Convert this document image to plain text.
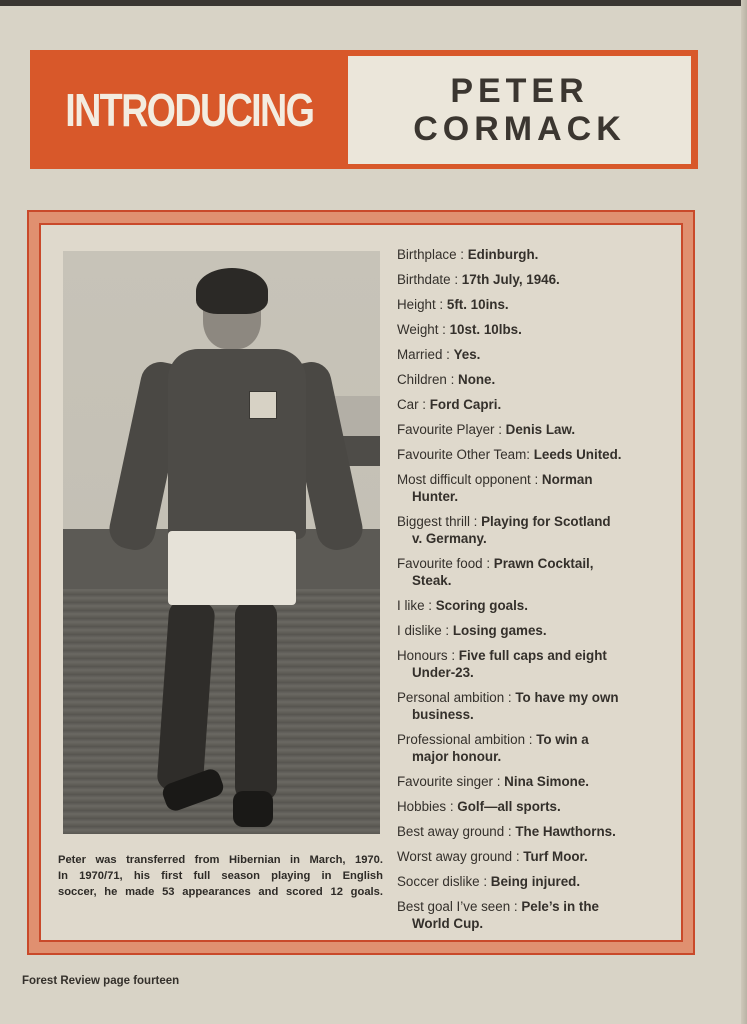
INTRODUCING	PETER
CORMACK
Peter was transferred from Hibernian in March, 1970.
In 1970/71, his first full season playing in English
soccer, he made 53 appearances and scored 12 goals.
Birthplace : Edinburgh.
Birthdate : 17th July, 1946.
Height : 5ft. 10ins.
Weight : 10st. 10lbs.
Married : Yes.
Children : None.
Car : Ford Capri.
Favourite Player : Denis Law.
Favourite Other Team: Leeds United.
Most difficult opponent : Norman
Hunter.
Biggest thrill : Playing for Scotland
v. Germany.
Favourite food : Prawn Cocktail,
Steak.
I like : Scoring goals.
I dislike : Losing games.
Honours : Five full caps and eight
Under-23.
Personal ambition : To have my own
business.
Professional ambition : To win a
major honour.
Favourite singer : Nina Simone.
Hobbies : Golf—all sports.
Best away ground : The Hawthorns.
Worst away ground : Turf Moor.
Soccer dislike : Being injured.
Best goal I’ve seen : Pele’s in the
World Cup.
Forest Review page fourteen
